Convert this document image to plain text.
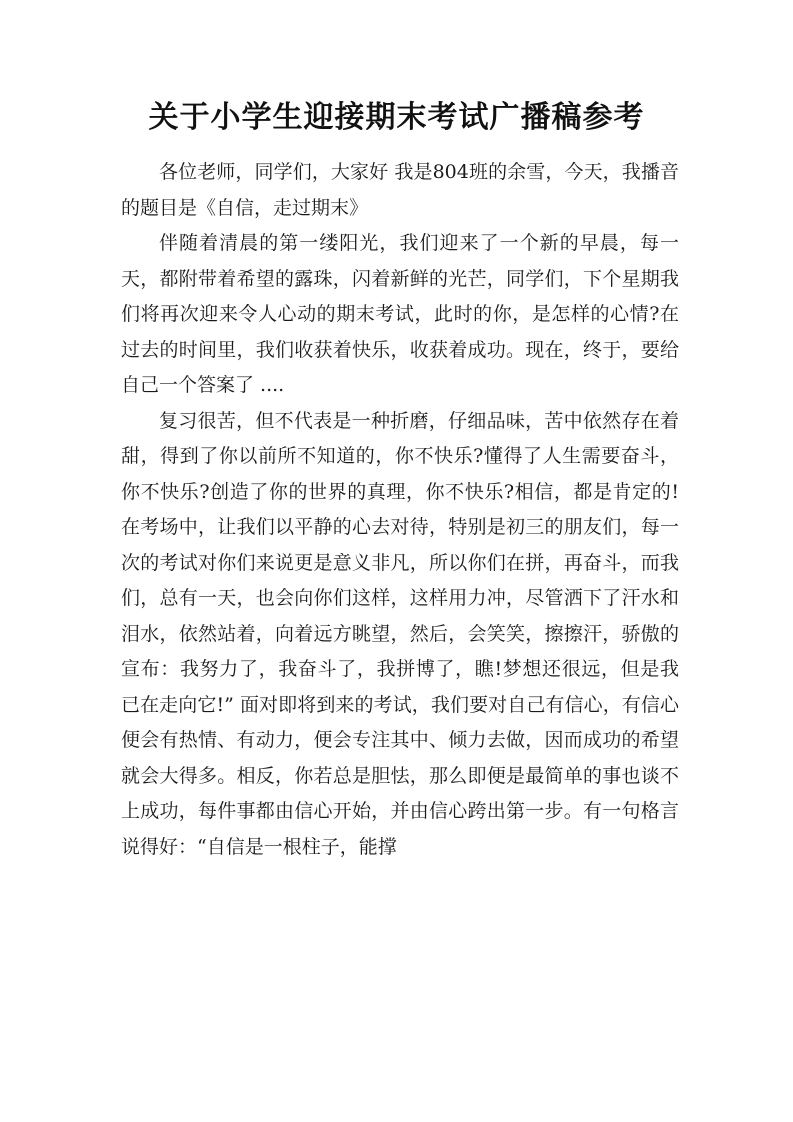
关于小学生迎接期末考试广播稿参考

各位老师，同学们，大家好 我是804班的余雪，今天，我播音的题目是《自信，走过期末》

伴随着清晨的第一缕阳光，我们迎来了一个新的早晨，每一天，都附带着希望的露珠，闪着新鲜的光芒，同学们，下个星期我们将再次迎来令人心动的期末考试，此时的你，是怎样的心情?在过去的时间里，我们收获着快乐，收获着成功。现在，终于，要给自己一个答案了 ....

复习很苦，但不代表是一种折磨，仔细品味，苦中依然存在着甜，得到了你以前所不知道的，你不快乐?懂得了人生需要奋斗，你不快乐?创造了你的世界的真理，你不快乐?相信，都是肯定的!在考场中，让我们以平静的心去对待，特别是初三的朋友们，每一次的考试对你们来说更是意义非凡，所以你们在拼，再奋斗，而我们，总有一天，也会向你们这样，这样用力冲，尽管洒下了汗水和泪水，依然站着，向着远方眺望，然后，会笑笑，擦擦汗，骄傲的宣布：我努力了，我奋斗了，我拼博了，瞧!梦想还很远，但是我已在走向它!” 面对即将到来的考试，我们要对自己有信心，有信心便会有热情、有动力，便会专注其中、倾力去做，因而成功的希望就会大得多。相反，你若总是胆怯，那么即便是最简单的事也谈不上成功，每件事都由信心开始，并由信心跨出第一步。有一句格言说得好：“自信是一根柱子，能撑
